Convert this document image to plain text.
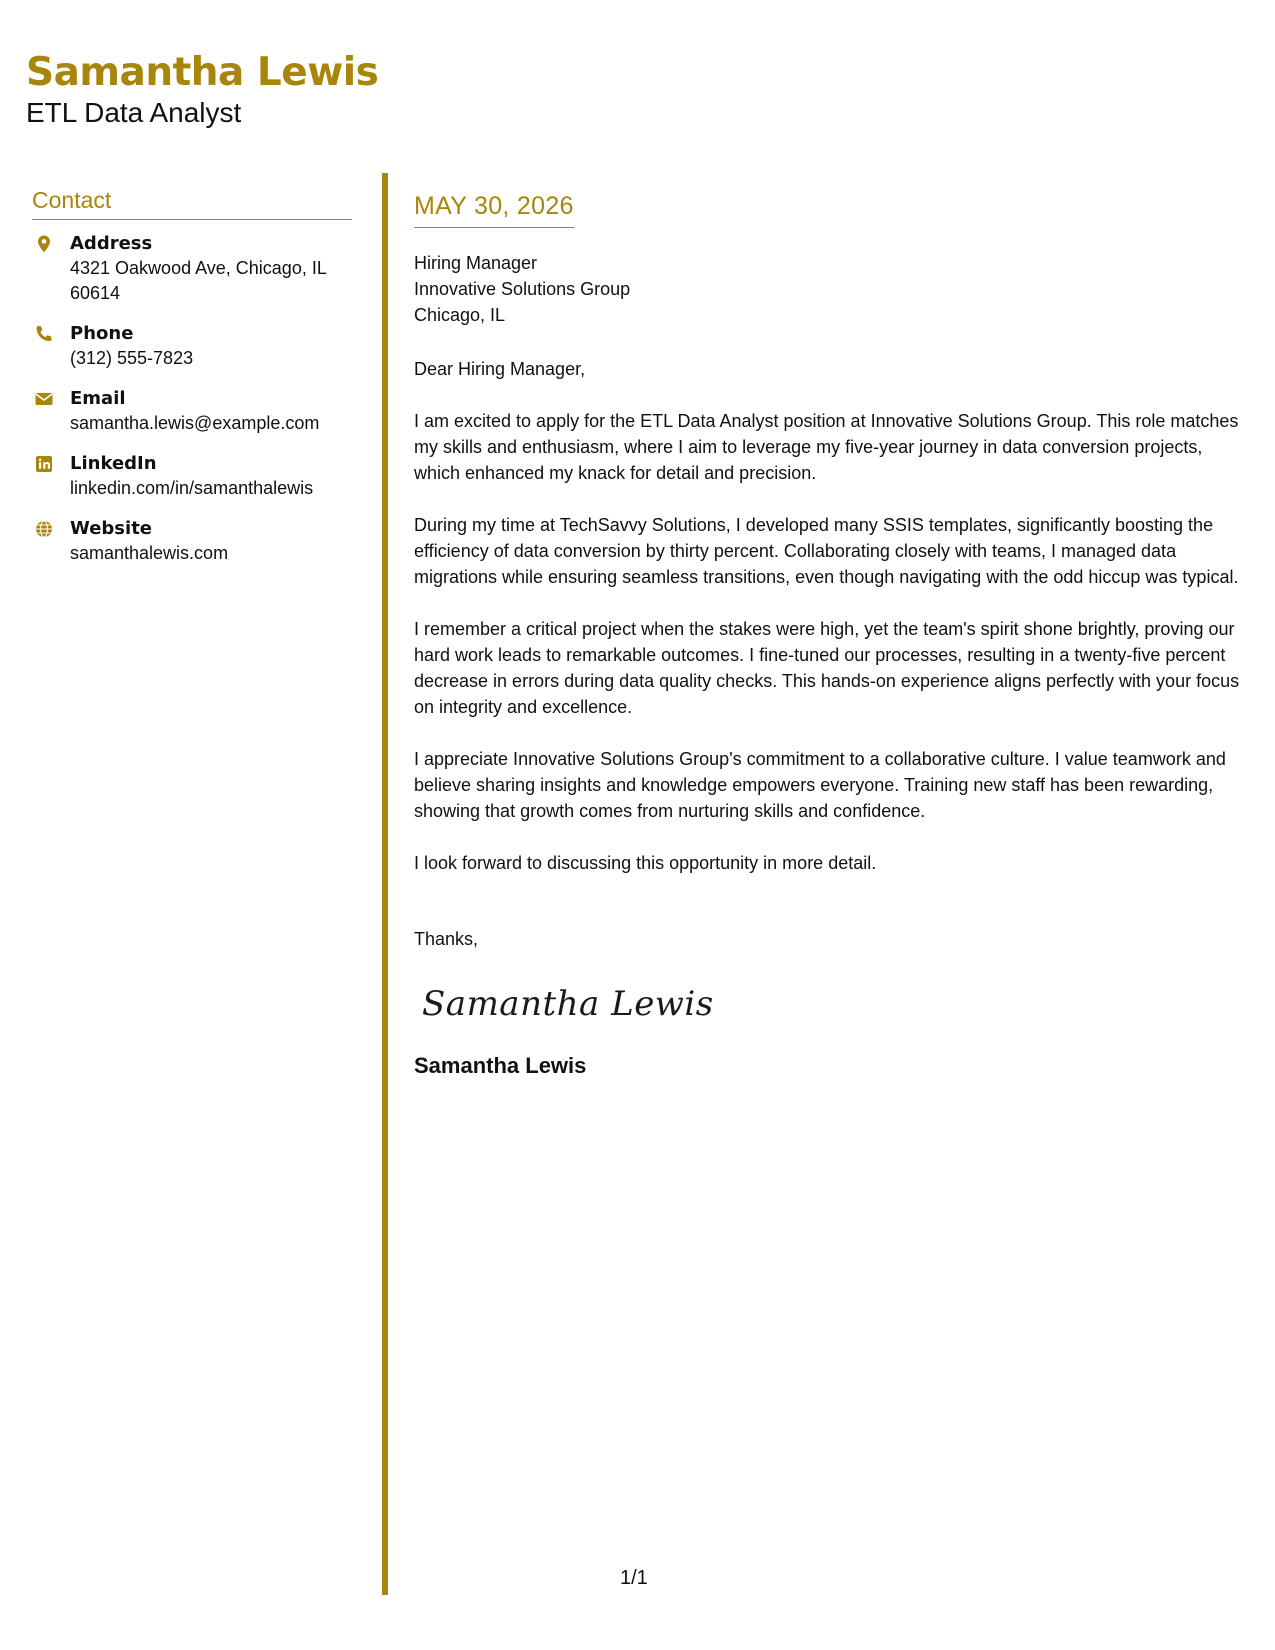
Samantha Lewis
ETL Data Analyst
Contact
Address
4321 Oakwood Ave, Chicago, IL 60614
Phone
(312) 555-7823
Email
samantha.lewis@example.com
LinkedIn
linkedin.com/in/samanthalewis
Website
samanthalewis.com
MAY 30, 2026
Hiring Manager
Innovative Solutions Group
Chicago, IL
Dear Hiring Manager,
I am excited to apply for the ETL Data Analyst position at Innovative Solutions Group. This role matches my skills and enthusiasm, where I aim to leverage my five-year journey in data conversion projects, which enhanced my knack for detail and precision.
During my time at TechSavvy Solutions, I developed many SSIS templates, significantly boosting the efficiency of data conversion by thirty percent. Collaborating closely with teams, I managed data migrations while ensuring seamless transitions, even though navigating with the odd hiccup was typical.
I remember a critical project when the stakes were high, yet the team's spirit shone brightly, proving our hard work leads to remarkable outcomes. I fine-tuned our processes, resulting in a twenty-five percent decrease in errors during data quality checks. This hands-on experience aligns perfectly with your focus on integrity and excellence.
I appreciate Innovative Solutions Group's commitment to a collaborative culture. I value teamwork and believe sharing insights and knowledge empowers everyone. Training new staff has been rewarding, showing that growth comes from nurturing skills and confidence.
I look forward to discussing this opportunity in more detail.
Thanks,
Samantha Lewis
Samantha Lewis
1/1
